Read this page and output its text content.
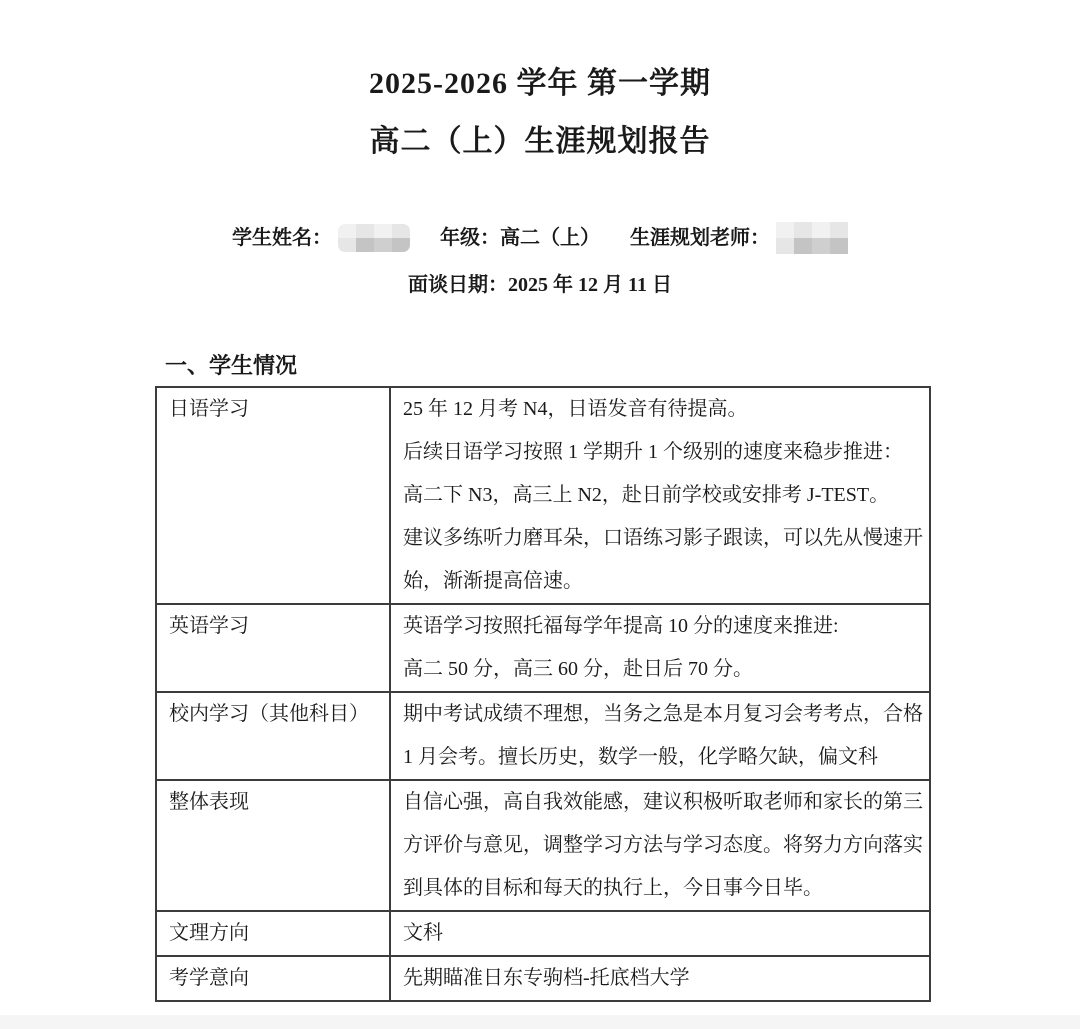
2025-2026 学年 第一学期
高二（上）生涯规划报告
学生姓名：	年级： 高二（上） 生涯规划老师：
面谈日期：2025 年 12 月 11 日
一、学生情况
日语学习	25 年 12 月考 N4，日语发音有待提高。
后续日语学习按照 1 学期升 1 个级别的速度来稳步推进：
高二下 N3，高三上 N2，赴日前学校或安排考 J-TEST。
建议多练听力磨耳朵，口语练习影子跟读，可以先从慢速开
始，渐渐提高倍速。

英语学习	英语学习按照托福每学年提高 10 分的速度来推进:
高二 50 分，高三 60 分，赴日后 70 分。

校内学习（其他科目）	期中考试成绩不理想，当务之急是本月复习会考考点，合格
1 月会考。擅长历史，数学一般，化学略欠缺，偏文科

整体表现	自信心强，高自我效能感，建议积极听取老师和家长的第三
方评价与意见，调整学习方法与学习态度。将努力方向落实
到具体的目标和每天的执行上，今日事今日毕。

文理方向	文科

考学意向	先期瞄准日东专驹档-托底档大学
